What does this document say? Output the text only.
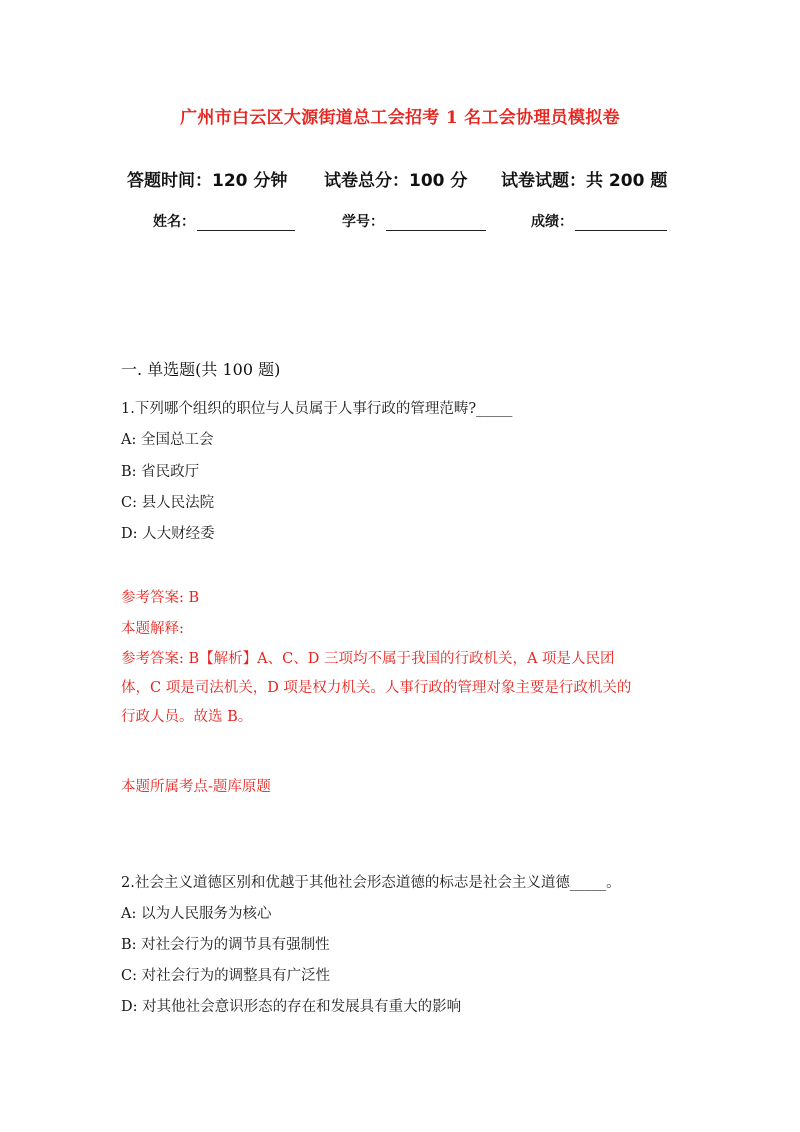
广州市白云区大源街道总工会招考 1 名工会协理员模拟卷
答题时间：120 分钟 试卷总分：100 分 试卷试题：共 200 题
姓名：	学号：	成绩：
一. 单选题(共 100 题)
1.下列哪个组织的职位与人员属于人事行政的管理范畴?_____
A: 全国总工会
B: 省民政厅
C: 县人民法院
D: 人大财经委
参考答案: B
本题解释:
参考答案: B【解析】A、C、D 三项均不属于我国的行政机关，A 项是人民团
体，C 项是司法机关，D 项是权力机关。人事行政的管理对象主要是行政机关的
行政人员。故选 B。
本题所属考点-题库原题
2.社会主义道德区别和优越于其他社会形态道德的标志是社会主义道德_____。
A: 以为人民服务为核心
B: 对社会行为的调节具有强制性
C: 对社会行为的调整具有广泛性
D: 对其他社会意识形态的存在和发展具有重大的影响
